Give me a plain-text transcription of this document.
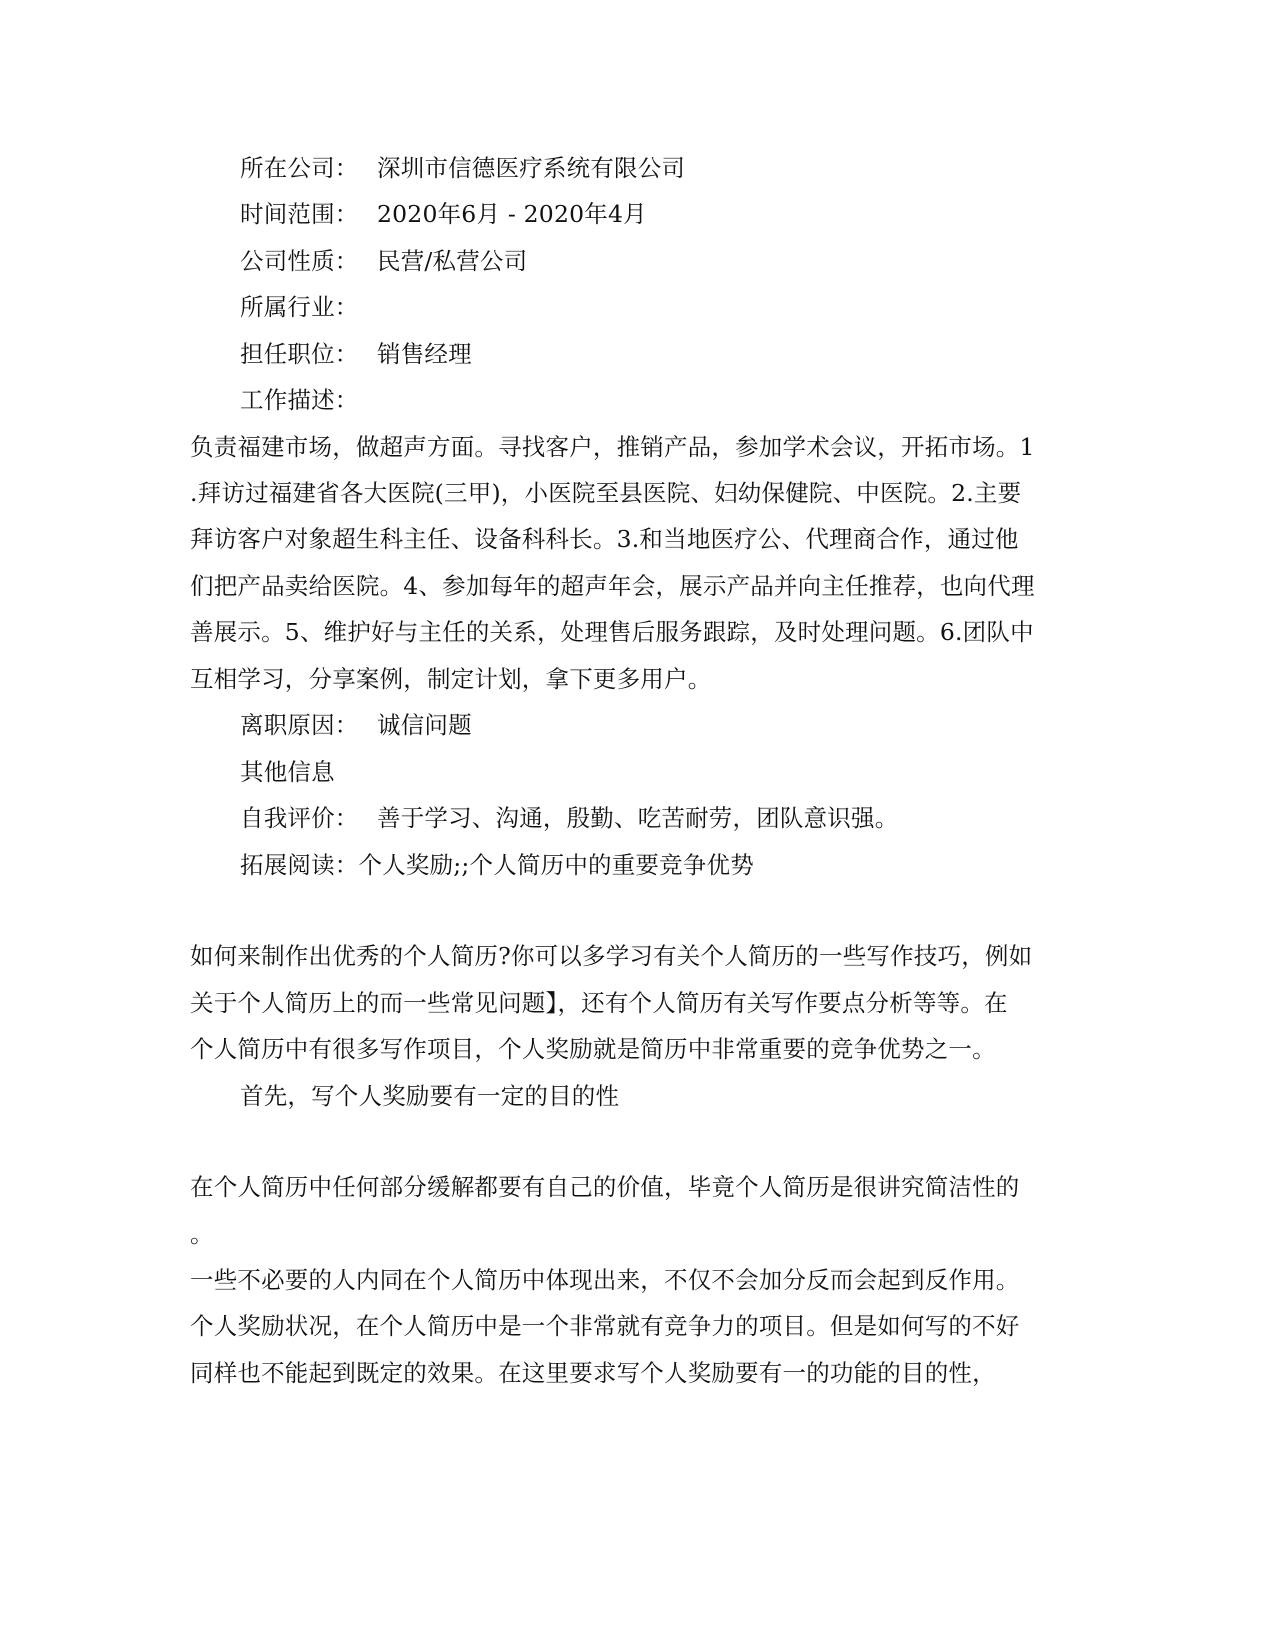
所在公司： 深圳市信德医疗系统有限公司
时间范围： 2020年6月 - 2020年4月
公司性质： 民营/私营公司
所属行业：
担任职位： 销售经理
工作描述：
负责福建市场，做超声方面。寻找客户，推销产品，参加学术会议，开拓市场。1
.拜访过福建省各大医院(三甲)，小医院至县医院、妇幼保健院、中医院。2.主要
拜访客户对象超生科主任、设备科科长。3.和当地医疗公、代理商合作，通过他
们把产品卖给医院。4、参加每年的超声年会，展示产品并向主任推荐，也向代理
善展示。5、维护好与主任的关系，处理售后服务跟踪，及时处理问题。6.团队中
互相学习，分享案例，制定计划，拿下更多用户。
离职原因： 诚信问题
其他信息
自我评价： 善于学习、沟通，殷勤、吃苦耐劳，团队意识强。
拓展阅读：个人奖励;;个人简历中的重要竞争优势
如何来制作出优秀的个人简历?你可以多学习有关个人简历的一些写作技巧，例如
关于个人简历上的而一些常见问题】，还有个人简历有关写作要点分析等等。在
个人简历中有很多写作项目，个人奖励就是简历中非常重要的竞争优势之一。
首先，写个人奖励要有一定的目的性
在个人简历中任何部分缓解都要有自己的价值，毕竟个人简历是很讲究简洁性的
。
一些不必要的人内同在个人简历中体现出来，不仅不会加分反而会起到反作用。
个人奖励状况，在个人简历中是一个非常就有竞争力的项目。但是如何写的不好
同样也不能起到既定的效果。在这里要求写个人奖励要有一的功能的目的性，
